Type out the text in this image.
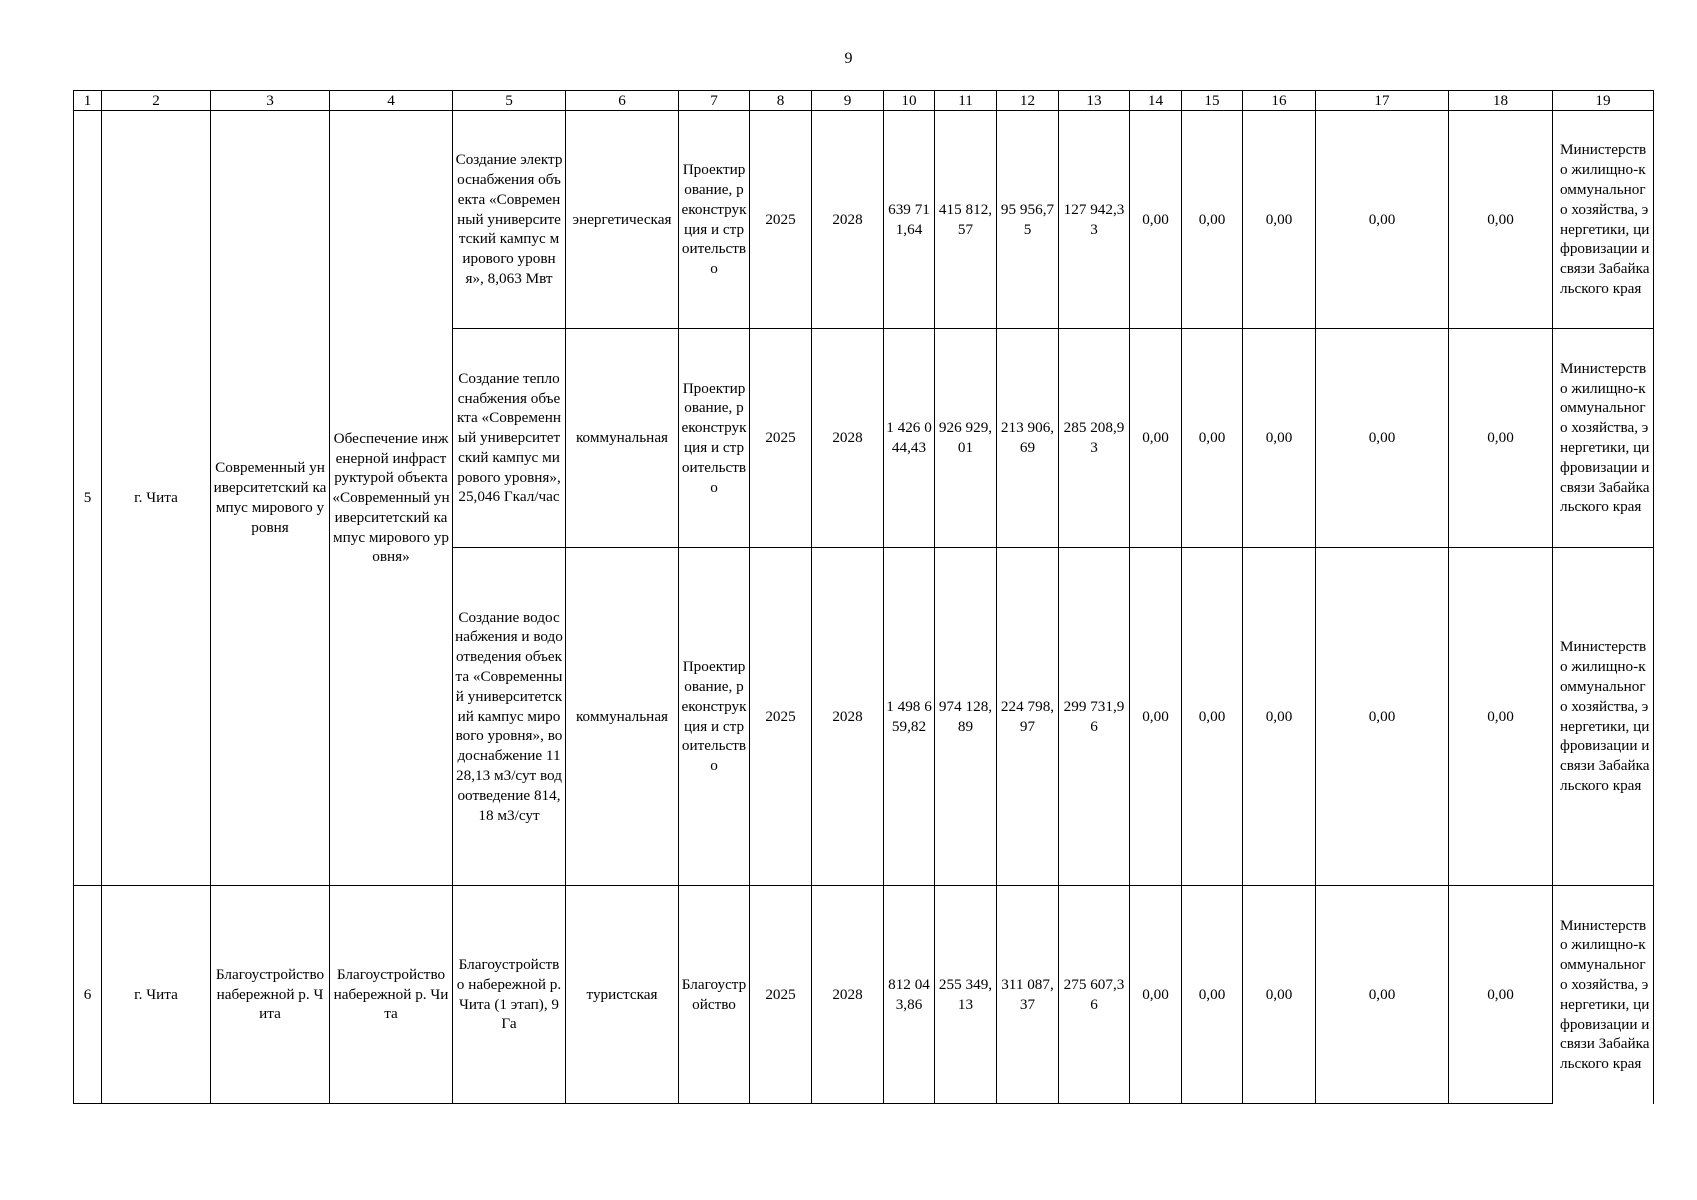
9
1	2	3	4	5	6	7	8	9	10	11	12	13	14	15	16	17	18	19
5	г. Чита	Современный университетский кампус мирового уровня	Обеспечение инженерной инфраструктурой объекта «Современный университетский кампус мирового уровня»	Создание электроснабжения объекта «Современный университетский кампус мирового уровня», 8,063 Мвт	энергетическая	Проектирование, реконструкция и строительство	2025	2028	639 711,64	415 812,57	95 956,75	127 942,33	0,00	0,00	0,00	0,00	0,00	Министерство жилищно-коммунального хозяйства, энергетики, цифровизации и связи Забайкальского края
				Создание теплоснабжения объекта «Современный университетский кампус мирового уровня», 25,046 Гкал/час	коммунальная	Проектирование, реконструкция и строительство	2025	2028	1 426 044,43	926 929,01	213 906,69	285 208,93	0,00	0,00	0,00	0,00	0,00	Министерство жилищно-коммунального хозяйства, энергетики, цифровизации и связи Забайкальского края
				Создание водоснабжения и водоотведения объекта «Современный университетский кампус мирового уровня», водоснабжение 1128,13 м3/сут водоотведение 814,18 м3/сут	коммунальная	Проектирование, реконструкция и строительство	2025	2028	1 498 659,82	974 128,89	224 798,97	299 731,96	0,00	0,00	0,00	0,00	0,00	Министерство жилищно-коммунального хозяйства, энергетики, цифровизации и связи Забайкальского края
6	г. Чита	Благоустройство набережной р. Чита	Благоустройство набережной р. Чита	Благоустройство набережной р. Чита (1 этап), 9 Га	туристская	Благоустройство	2025	2028	812 043,86	255 349,13	311 087,37	275 607,36	0,00	0,00	0,00	0,00	0,00	Министерство жилищно-коммунального хозяйства, энергетики, цифровизации и связи Забайкальского края
